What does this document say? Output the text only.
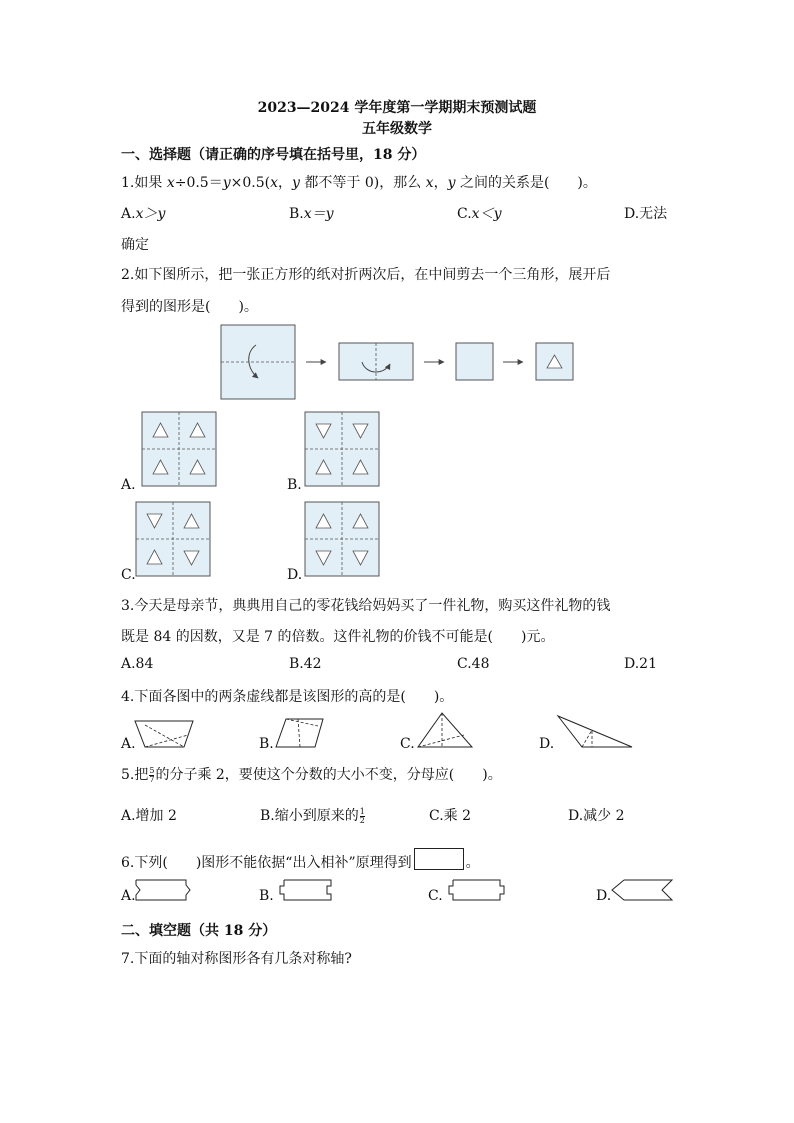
2023—2024 学年度第一学期期末预测试题
五年级数学
一、选择题（请正确的序号填在括号里，18 分）
1.如果 x÷0.5＝y×0.5(x，y 都不等于 0)，那么 x，y 之间的关系是(　　)。
A.x＞y	B.x＝y	C.x＜y	D.无法
确定
2.如下图所示，把一张正方形的纸对折两次后，在中间剪去一个三角形，展开后
得到的图形是(　　)。
A.	B.
C.	D.
3.今天是母亲节，典典用自己的零花钱给妈妈买了一件礼物，购买这件礼物的钱
既是 84 的因数，又是 7 的倍数。这件礼物的价钱不可能是(　　)元。
A.84	B.42	C.48	D.21
4.下面各图中的两条虚线都是该图形的高的是(　　)。
A.	B.	C.	D.
5.把 $\frac{5}{7}$ 的分子乘 2，要使这个分数的大小不变，分母应(　　)。
A.增加 2	B.缩小到原来的 $\frac{1}{2}$	C.乘 2	D.减少 2
6.下列(　　)图形不能依据“出入相补”原理得到	。
A.	B.	C.	D.
二、填空题（共 18 分）
7.下面的轴对称图形各有几条对称轴?
